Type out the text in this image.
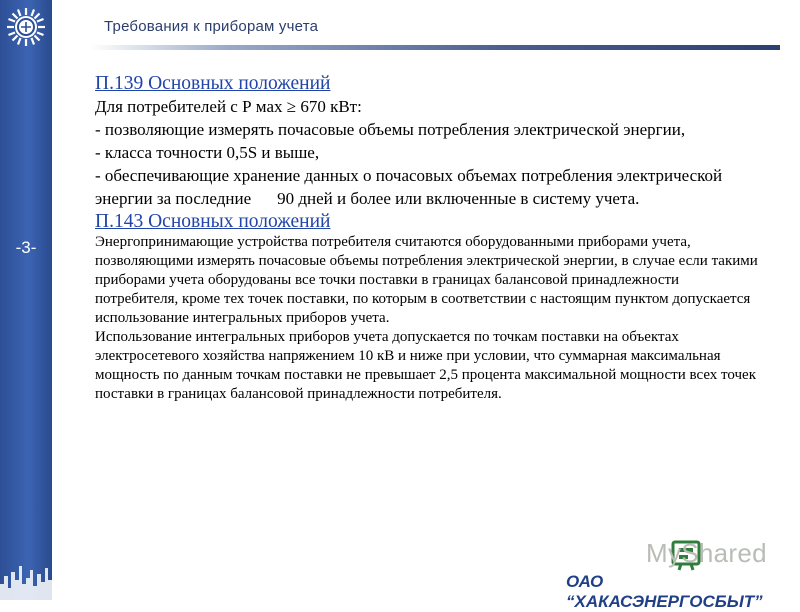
-3-
Требования к приборам учета
П.139 Основных положений

Для потребителей с Р мах ≥ 670 кВт:

- позволяющие измерять почасовые объемы потребления электрической энергии,

- класса точности 0,5S и выше,

- обеспечивающие хранение данных о почасовых объемах потребления электрической энергии за последние 90 дней и более или включенные в систему учета.

П.143 Основных положений

Энергопринимающие устройства потребителя считаются оборудованными приборами учета, позволяющими измерять почасовые объемы потребления электрической энергии, в случае если такими приборами учета оборудованы все точки поставки в границах балансовой принадлежности потребителя, кроме тех точек поставки, по которым в соответствии с настоящим пунктом допускается использование интегральных приборов учета.

Использование интегральных приборов учета допускается по точкам поставки на объектах электросетевого хозяйства напряжением 10 кВ и ниже при условии, что суммарная максимальная мощность по данным точкам поставки не превышает 2,5 процента максимальной мощности всех точек поставки в границах балансовой принадлежности потребителя.

MyShared
ОАО “ХАКАСЭНЕРГОСБЫТ”
